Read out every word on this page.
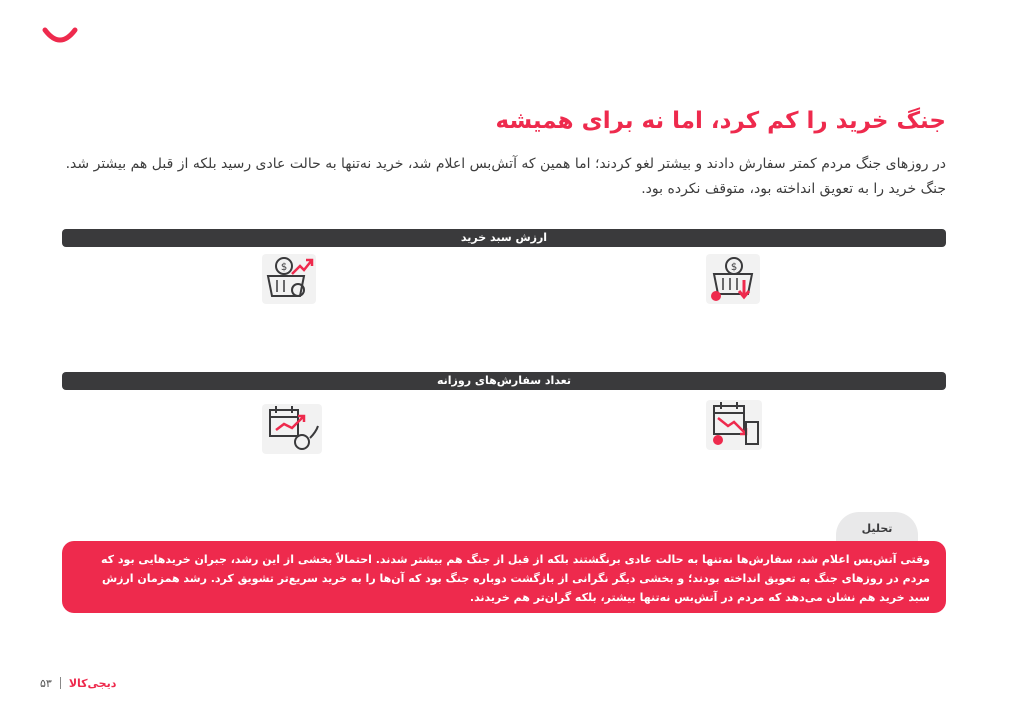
جنگ خرید را کم کرد، اما نه برای همیشه

در روزهای جنگ مردم کمتر سفارش دادند و بیشتر لغو کردند؛ اما همین که آتش‌بس اعلام شد، خرید نه‌تنها به حالت عادی رسید بلکه از قبل هم بیشتر شد. جنگ خرید را به تعویق انداخته بود، متوقف نکرده بود.

ارزش سبد خرید
$
$
تعداد سفارش‌های روزانه
تحلیل
وقتی آتش‌بس اعلام شد، سفارش‌ها نه‌تنها به حالت عادی برنگشتند بلکه از قبل از جنگ هم بیشتر شدند. احتمالاً بخشی از این رشد، جبران خریدهایی بود که مردم در روزهای جنگ به تعویق انداخته بودند؛ و بخشی دیگر نگرانی از بازگشت دوباره جنگ بود که آن‌ها را به خرید سریع‌تر تشویق کرد. رشد همزمان ارزش سبد خرید هم نشان می‌دهد که مردم در آتش‌بس نه‌تنها بیشتر، بلکه گران‌تر هم خریدند.
۵۳ دیجی‌کالا
